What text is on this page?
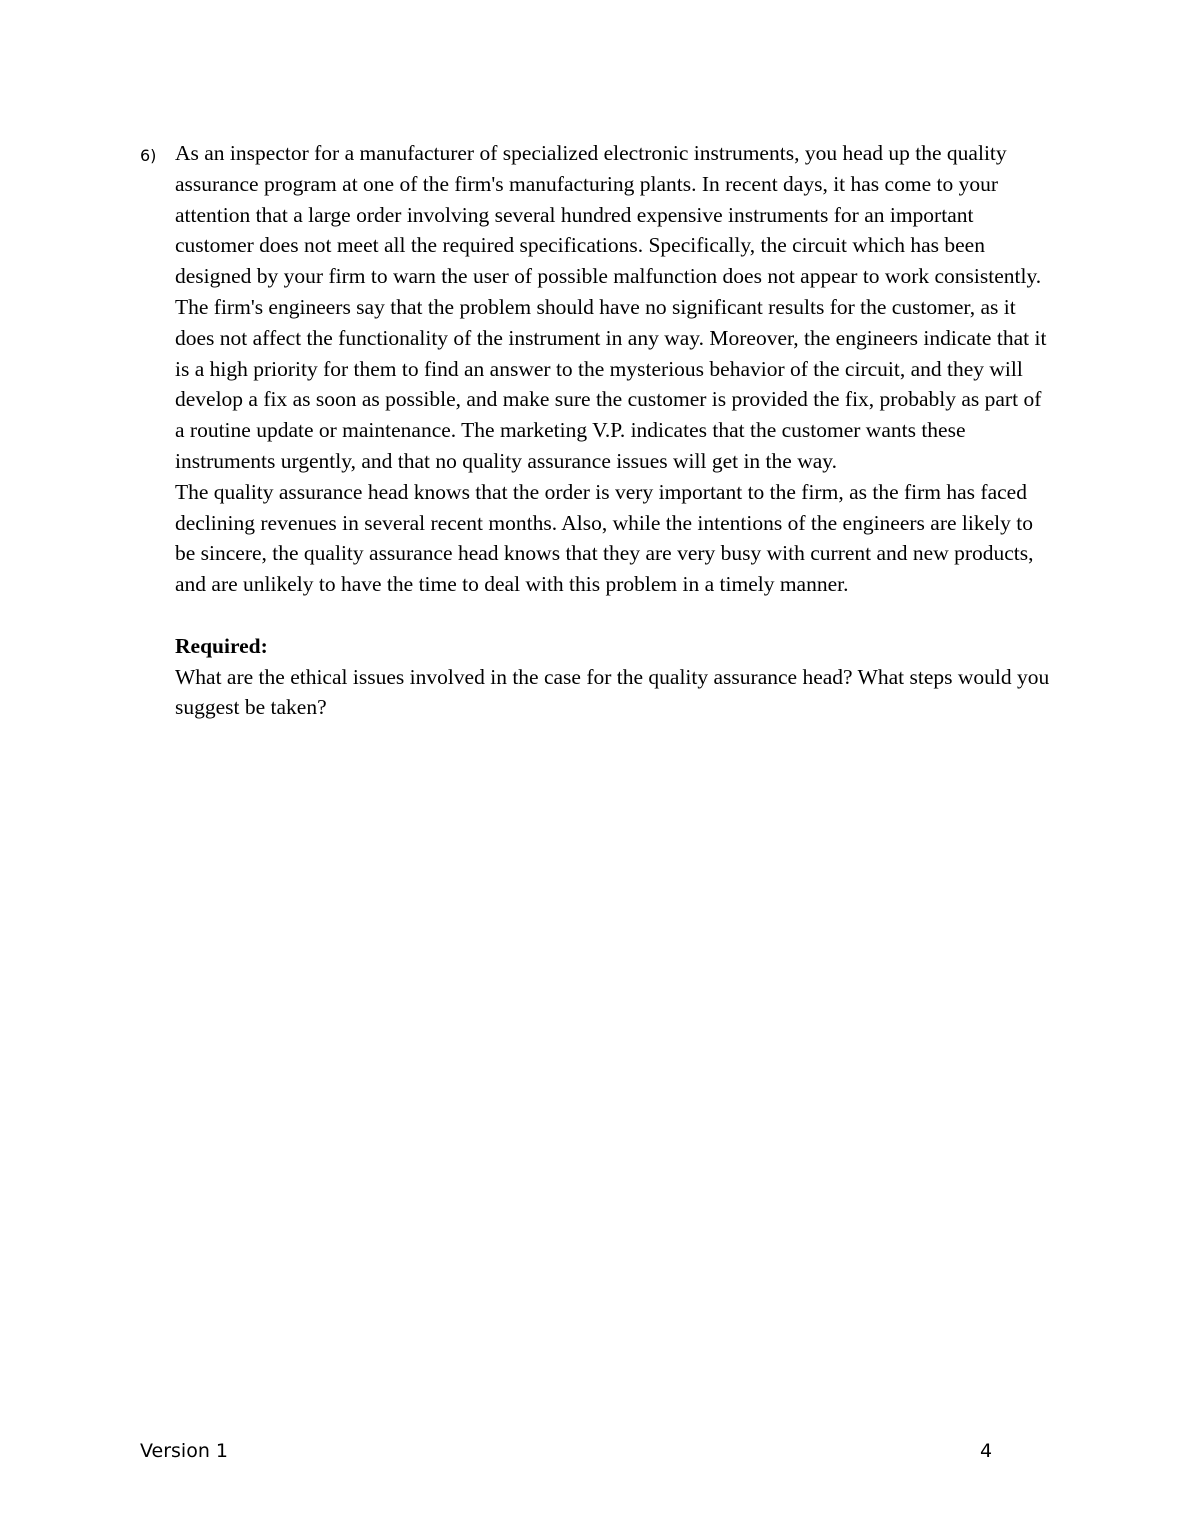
6) As an inspector for a manufacturer of specialized electronic instruments, you head up the quality assurance program at one of the firm's manufacturing plants. In recent days, it has come to your attention that a large order involving several hundred expensive instruments for an important customer does not meet all the required specifications. Specifically, the circuit which has been designed by your firm to warn the user of possible malfunction does not appear to work consistently. The firm's engineers say that the problem should have no significant results for the customer, as it does not affect the functionality of the instrument in any way. Moreover, the engineers indicate that it is a high priority for them to find an answer to the mysterious behavior of the circuit, and they will develop a fix as soon as possible, and make sure the customer is provided the fix, probably as part of a routine update or maintenance. The marketing V.P. indicates that the customer wants these instruments urgently, and that no quality assurance issues will get in the way.

The quality assurance head knows that the order is very important to the firm, as the firm has faced declining revenues in several recent months. Also, while the intentions of the engineers are likely to be sincere, the quality assurance head knows that they are very busy with current and new products, and are unlikely to have the time to deal with this problem in a timely manner.

Required:

What are the ethical issues involved in the case for the quality assurance head? What steps would you suggest be taken?

Version 1	4
